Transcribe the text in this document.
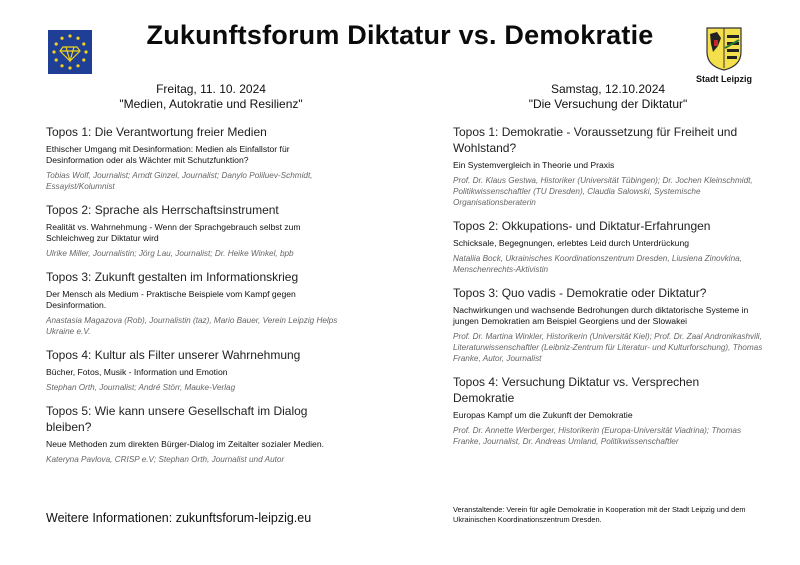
Zukunftsforum Diktatur vs. Demokratie
Stadt Leipzig
Freitag, 11. 10. 2024
"Medien, Autokratie und Resilienz"
Topos 1: Die Verantwortung freier Medien
Ethischer Umgang mit Desinformation: Medien als Einfallstor für Desinformation oder als Wächter mit Schutzfunktion?
Tobias Wolf, Journalist; Arndt Ginzel, Journalist; Danylo Poliluev-Schmidt, Essayist/Kolumnist
Topos 2: Sprache als Herrschaftsinstrument
Realität vs. Wahrnehmung - Wenn der Sprachgebrauch selbst zum Schleichweg zur Diktatur wird
Ulrike Miller, Journalistin; Jörg Lau, Journalist; Dr. Heike Winkel, bpb
Topos 3: Zukunft gestalten im Informationskrieg
Der Mensch als Medium - Praktische Beispiele vom Kampf gegen Desinformation.
Anastasia Magazova (Rob), Journalistin (taz), Mario Bauer, Verein Leipzig Helps Ukraine e.V.
Topos 4: Kultur als Filter unserer Wahrnehmung
Bücher, Fotos, Musik - Information und Emotion
Stephan Orth, Journalist; André Störr, Mauke-Verlag
Topos 5: Wie kann unsere Gesellschaft im Dialog bleiben?
Neue Methoden zum direkten Bürger-Dialog im Zeitalter sozialer Medien.
Kateryna Pavlova, CRISP e.V; Stephan Orth, Journalist und Autor
Weitere Informationen: zukunftsforum-leipzig.eu
Samstag, 12.10.2024
"Die Versuchung der Diktatur"
Topos 1: Demokratie - Voraussetzung für Freiheit und Wohlstand?
Ein Systemvergleich in Theorie und Praxis
Prof. Dr. Klaus Gestwa, Historiker (Universität Tübingen); Dr. Jochen Kleinschmidt, Politikwissenschaftler (TU Dresden), Claudia Salowski, Systemische Organisationsberaterin
Topos 2: Okkupations- und Diktatur-Erfahrungen
Schicksale, Begegnungen, erlebtes Leid durch Unterdrückung
Nataliia Bock, Ukrainisches Koordinationszentrum Dresden, Liusiena Zinovkina, Menschenrechts-Aktivistin
Topos 3: Quo vadis - Demokratie oder Diktatur?
Nachwirkungen und wachsende Bedrohungen durch diktatorische Systeme in jungen Demokratien am Beispiel Georgiens und der Slowakei
Prof. Dr. Martina Winkler, Historikerin (Universität Kiel); Prof. Dr. Zaal Andronikashvili, Literaturwissenschaftler (Leibniz-Zentrum für Literatur- und Kulturforschung), Thomas Franke, Autor, Journalist
Topos 4: Versuchung Diktatur vs. Versprechen Demokratie
Europas Kampf um die Zukunft der Demokratie
Prof. Dr. Annette Werberger, Historikerin (Europa-Universität Viadrina); Thomas Franke, Journalist, Dr. Andreas Umland, Politikwissenschaftler
Veranstaltende: Verein für agile Demokratie in Kooperation mit der Stadt Leipzig und dem Ukrainischen Koordinationszentrum Dresden.
